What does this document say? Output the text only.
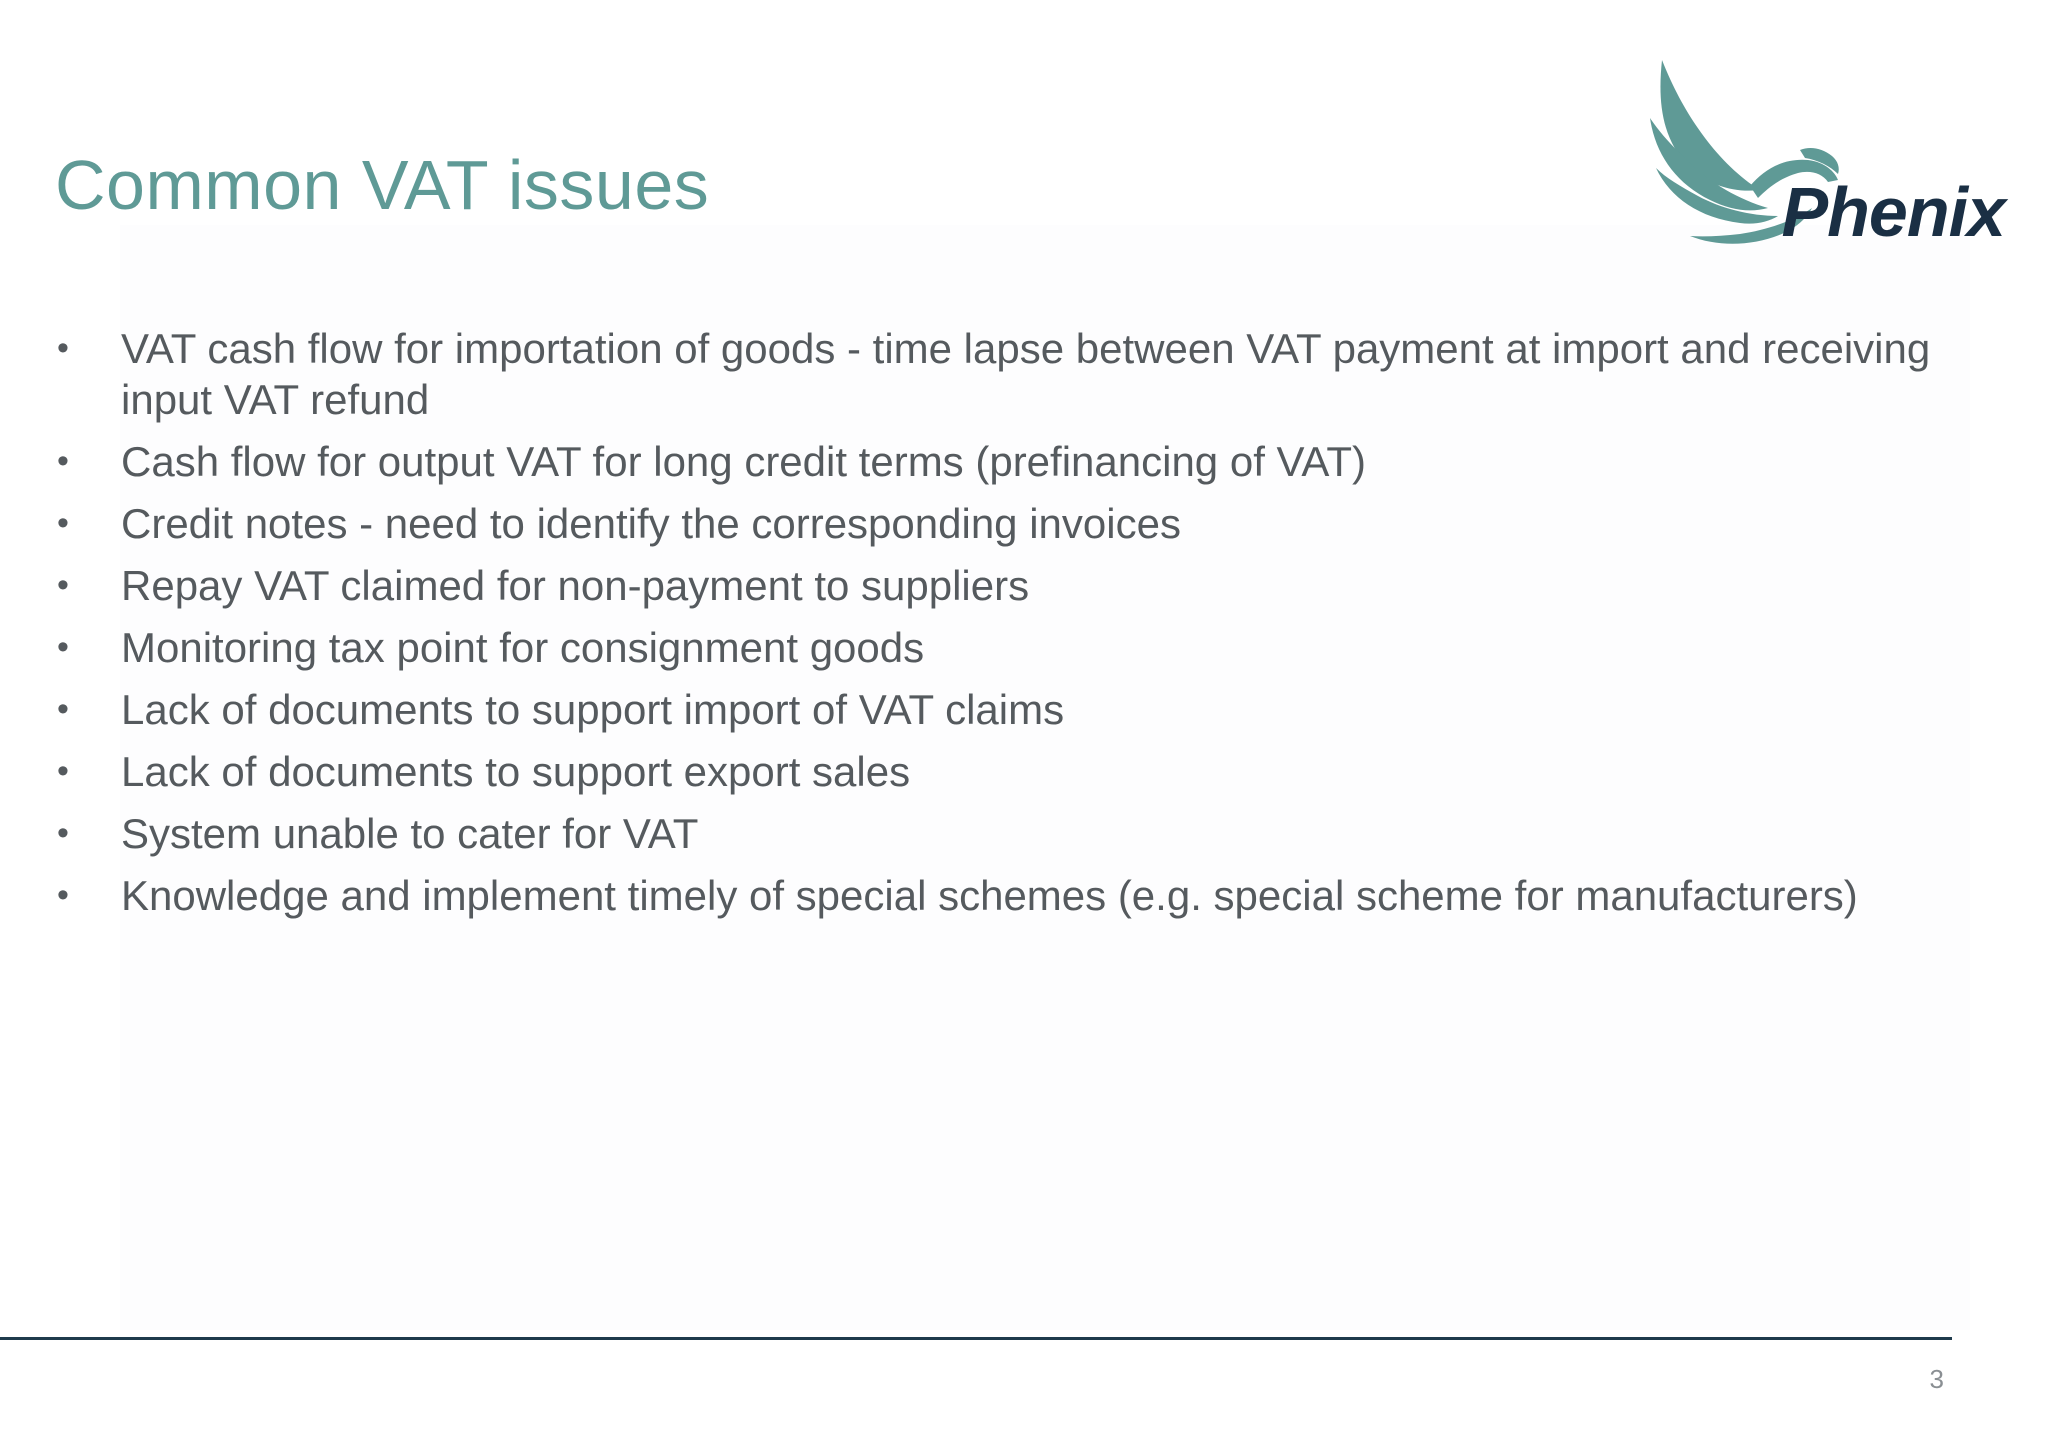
Common VAT issues	Phenix
• VAT cash flow for importation of goods - time lapse between VAT payment at import and receiving input VAT refund
• Cash flow for output VAT for long credit terms (prefinancing of VAT)
• Credit notes - need to identify the corresponding invoices
• Repay VAT claimed for non-payment to suppliers
• Monitoring tax point for consignment goods
• Lack of documents to support import of VAT claims
• Lack of documents to support export sales
• System unable to cater for VAT
• Knowledge and implement timely of special schemes (e.g. special scheme for manufacturers)
3
